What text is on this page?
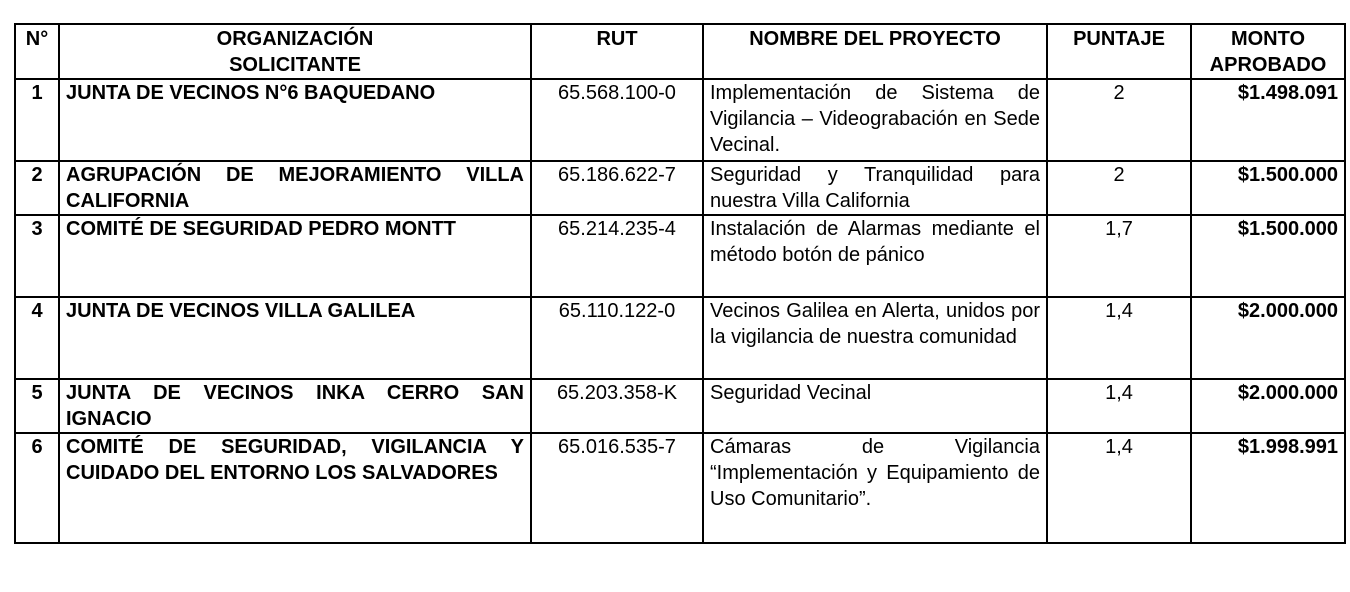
N°	ORGANIZACIÓN SOLICITANTE	RUT	NOMBRE DEL PROYECTO	PUNTAJE	MONTO APROBADO
1	JUNTA DE VECINOS N°6 BAQUEDANO	65.568.100-0	Implementación de Sistema de Vigilancia – Videograbación en Sede Vecinal.	2	$1.498.091
2	AGRUPACIÓN DE MEJORAMIENTO VILLA CALIFORNIA	65.186.622-7	Seguridad y Tranquilidad para nuestra Villa California	2	$1.500.000
3	COMITÉ DE SEGURIDAD PEDRO MONTT	65.214.235-4	Instalación de Alarmas mediante el método botón de pánico	1,7	$1.500.000
4	JUNTA DE VECINOS VILLA GALILEA	65.110.122-0	Vecinos Galilea en Alerta, unidos por la vigilancia de nuestra comunidad	1,4	$2.000.000
5	JUNTA DE VECINOS INKA CERRO SAN IGNACIO	65.203.358-K	Seguridad Vecinal	1,4	$2.000.000
6	COMITÉ DE SEGURIDAD, VIGILANCIA Y CUIDADO DEL ENTORNO LOS SALVADORES	65.016.535-7	Cámaras de Vigilancia “Implementación y Equipamiento de Uso Comunitario”.	1,4	$1.998.991
